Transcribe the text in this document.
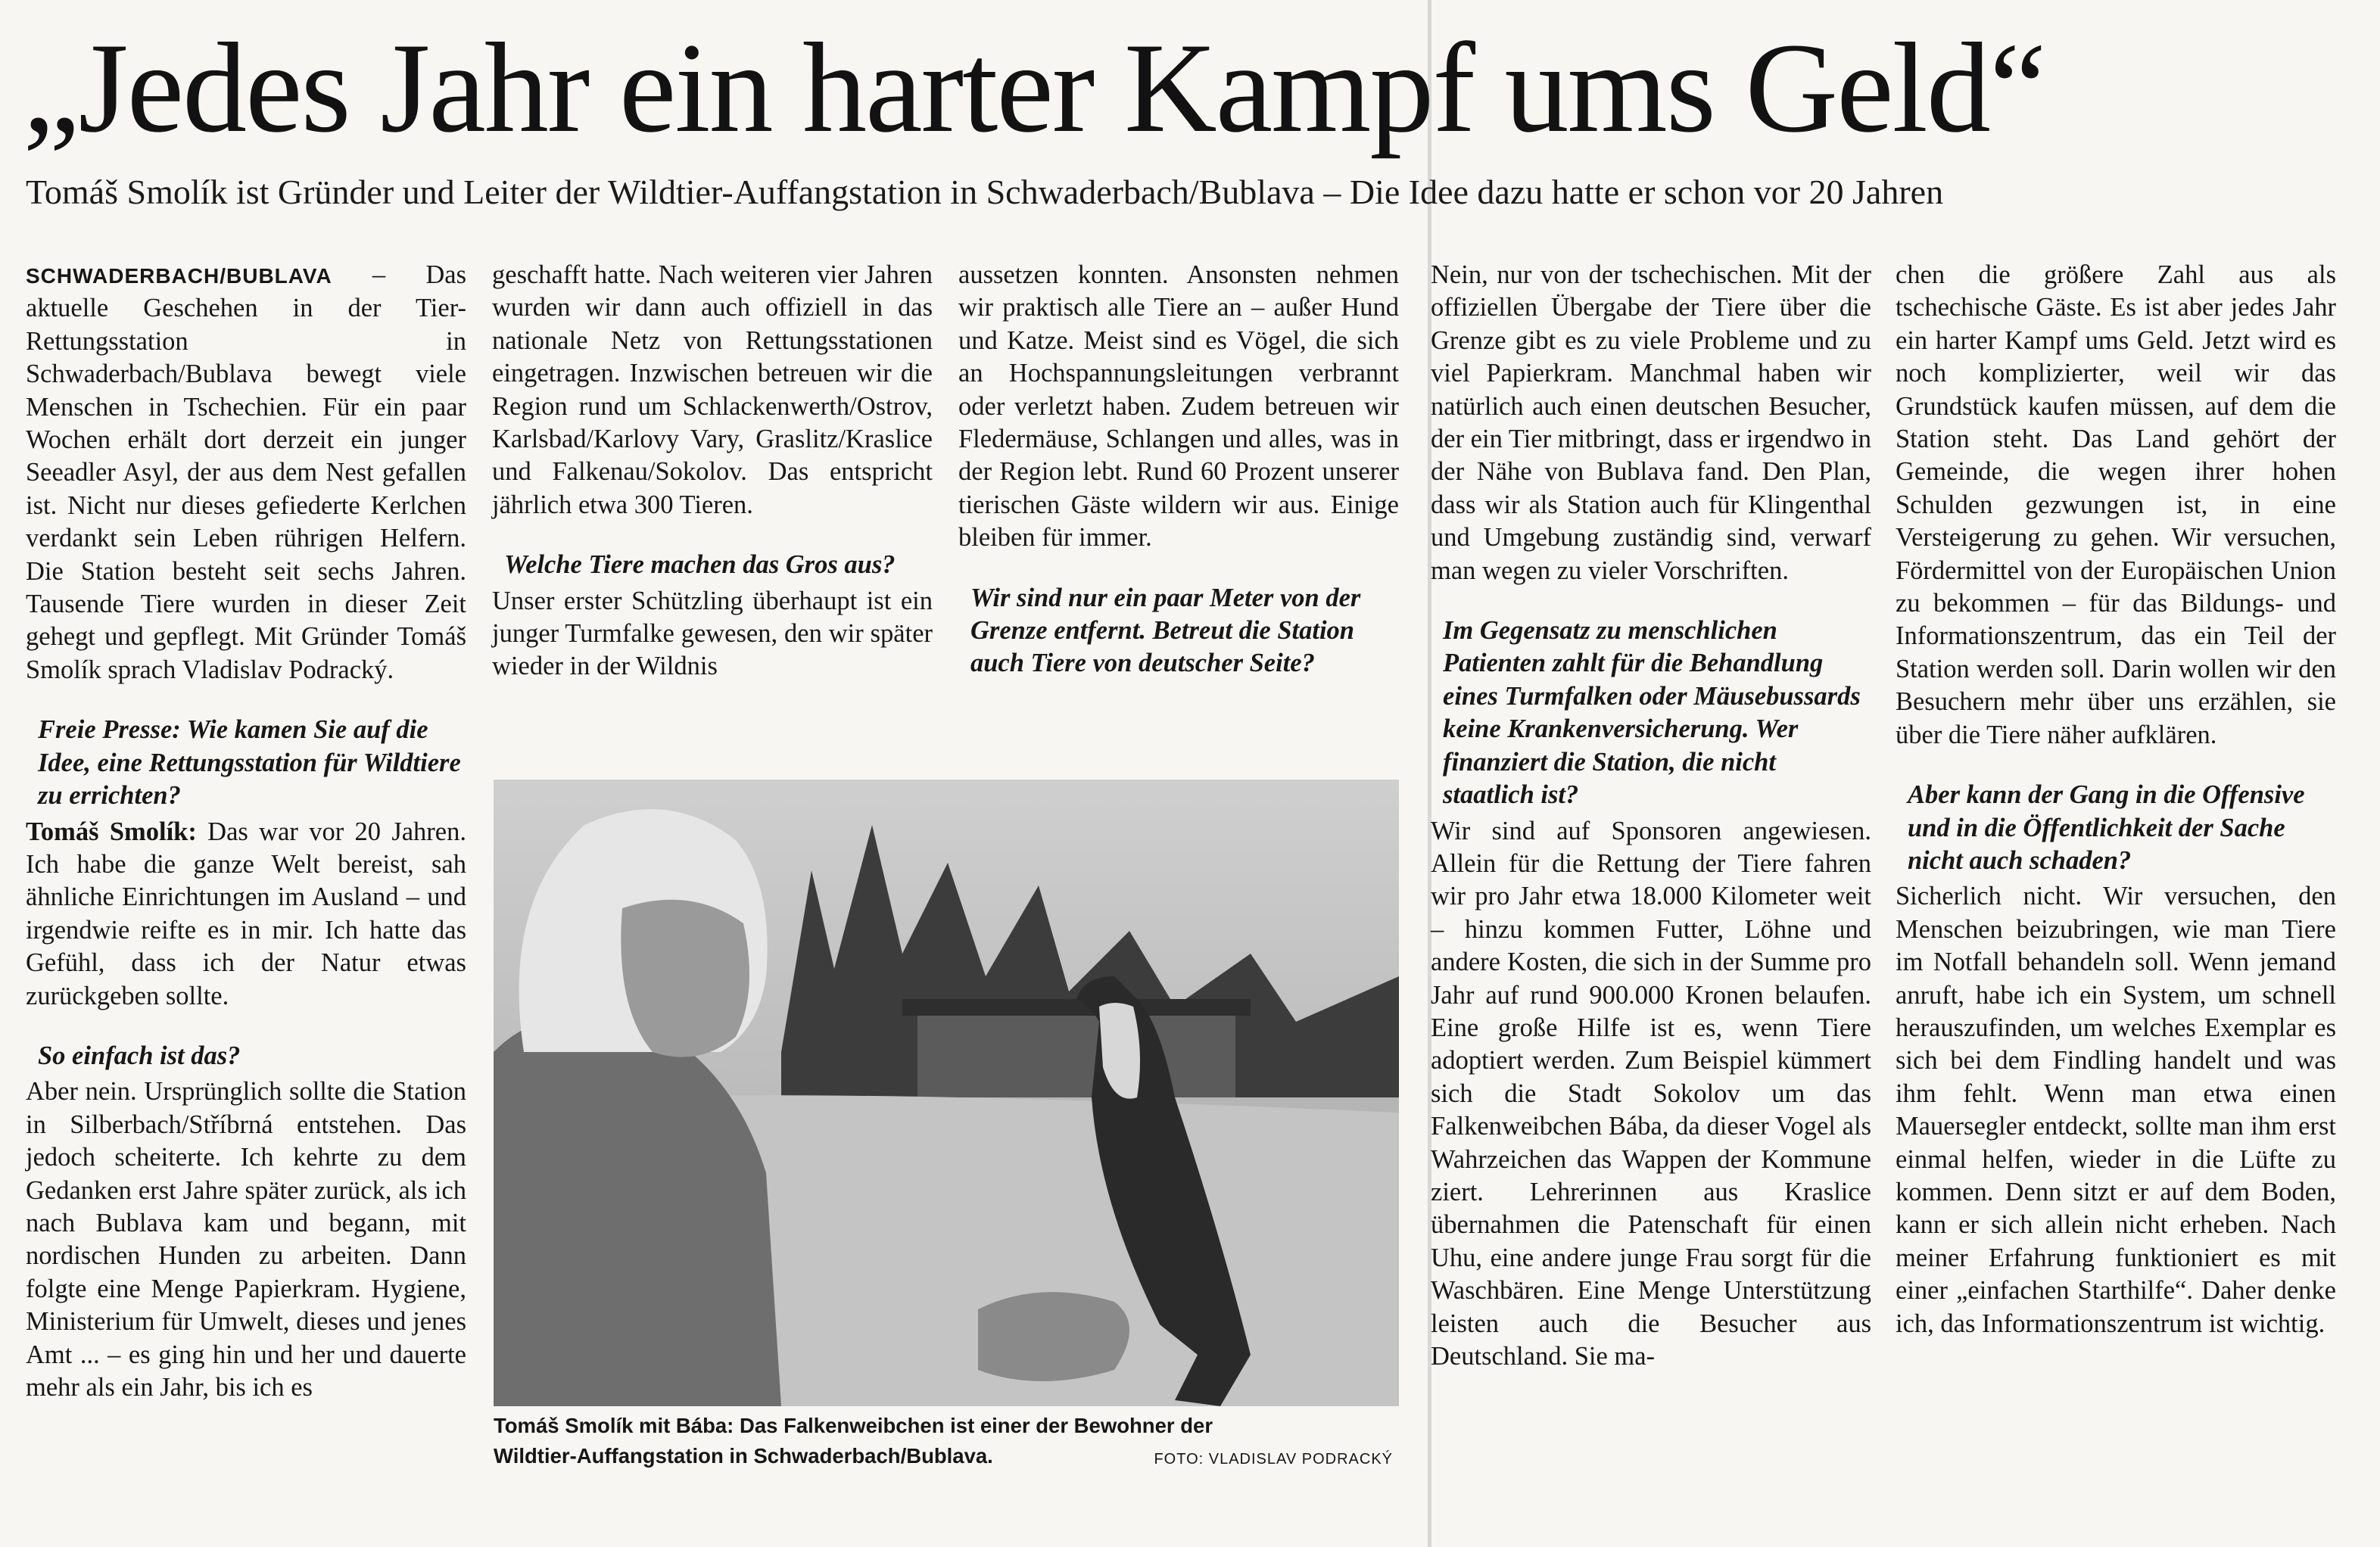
„Jedes Jahr ein harter Kampf ums Geld“

Tomáš Smolík ist Gründer und Leiter der Wildtier-Auffangstation in Schwaderbach/Bublava – Die Idee dazu hatte er schon vor 20 Jahren

SCHWADERBACH/BUBLAVA – Das aktuelle Geschehen in der Tier-Rettungsstation in Schwaderbach/Bublava bewegt viele Menschen in Tschechien. Für ein paar Wochen erhält dort derzeit ein junger Seeadler Asyl, der aus dem Nest gefallen ist. Nicht nur dieses gefiederte Kerlchen verdankt sein Leben rührigen Helfern. Die Station besteht seit sechs Jahren. Tausende Tiere wurden in dieser Zeit gehegt und gepflegt. Mit Gründer Tomáš Smolík sprach Vladislav Podracký.

Freie Presse: Wie kamen Sie auf die Idee, eine Rettungsstation für Wildtiere zu errichten?

Tomáš Smolík: Das war vor 20 Jahren. Ich habe die ganze Welt bereist, sah ähnliche Einrichtungen im Ausland – und irgendwie reifte es in mir. Ich hatte das Gefühl, dass ich der Natur etwas zurückgeben sollte.

So einfach ist das?

Aber nein. Ursprünglich sollte die Station in Silberbach/Stříbrná entstehen. Das jedoch scheiterte. Ich kehrte zu dem Gedanken erst Jahre später zurück, als ich nach Bublava kam und begann, mit nordischen Hunden zu arbeiten. Dann folgte eine Menge Papierkram. Hygiene, Ministerium für Umwelt, dieses und jenes Amt ... – es ging hin und her und dauerte mehr als ein Jahr, bis ich es

geschafft hatte. Nach weiteren vier Jahren wurden wir dann auch offiziell in das nationale Netz von Rettungsstationen eingetragen. Inzwischen betreuen wir die Region rund um Schlackenwerth/Ostrov, Karlsbad/Karlovy Vary, Graslitz/Kraslice und Falkenau/Sokolov. Das entspricht jährlich etwa 300 Tieren.

Welche Tiere machen das Gros aus?

Unser erster Schützling überhaupt ist ein junger Turmfalke gewesen, den wir später wieder in der Wildnis

aussetzen konnten. Ansonsten nehmen wir praktisch alle Tiere an – außer Hund und Katze. Meist sind es Vögel, die sich an Hochspannungsleitungen verbrannt oder verletzt haben. Zudem betreuen wir Fledermäuse, Schlangen und alles, was in der Region lebt. Rund 60 Prozent unserer tierischen Gäste wildern wir aus. Einige bleiben für immer.

Wir sind nur ein paar Meter von der Grenze entfernt. Betreut die Station auch Tiere von deutscher Seite?

Nein, nur von der tschechischen. Mit der offiziellen Übergabe der Tiere über die Grenze gibt es zu viele Probleme und zu viel Papierkram. Manchmal haben wir natürlich auch einen deutschen Besucher, der ein Tier mitbringt, dass er irgendwo in der Nähe von Bublava fand. Den Plan, dass wir als Station auch für Klingenthal und Umgebung zuständig sind, verwarf man wegen zu vieler Vorschriften.

Im Gegensatz zu menschlichen Patienten zahlt für die Behandlung eines Turmfalken oder Mäusebussards keine Krankenversicherung. Wer finanziert die Station, die nicht staatlich ist?

Wir sind auf Sponsoren angewiesen. Allein für die Rettung der Tiere fahren wir pro Jahr etwa 18.000 Kilometer weit – hinzu kommen Futter, Löhne und andere Kosten, die sich in der Summe pro Jahr auf rund 900.000 Kronen belaufen. Eine große Hilfe ist es, wenn Tiere adoptiert werden. Zum Beispiel kümmert sich die Stadt Sokolov um das Falkenweibchen Bába, da dieser Vogel als Wahrzeichen das Wappen der Kommune ziert. Lehrerinnen aus Kraslice übernahmen die Patenschaft für einen Uhu, eine andere junge Frau sorgt für die Waschbären. Eine Menge Unterstützung leisten auch die Besucher aus Deutschland. Sie ma-

chen die größere Zahl aus als tschechische Gäste. Es ist aber jedes Jahr ein harter Kampf ums Geld. Jetzt wird es noch komplizierter, weil wir das Grundstück kaufen müssen, auf dem die Station steht. Das Land gehört der Gemeinde, die wegen ihrer hohen Schulden gezwungen ist, in eine Versteigerung zu gehen. Wir versuchen, Fördermittel von der Europäischen Union zu bekommen – für das Bildungs- und Informationszentrum, das ein Teil der Station werden soll. Darin wollen wir den Besuchern mehr über uns erzählen, sie über die Tiere näher aufklären.

Aber kann der Gang in die Offensive und in die Öffentlichkeit der Sache nicht auch schaden?

Sicherlich nicht. Wir versuchen, den Menschen beizubringen, wie man Tiere im Notfall behandeln soll. Wenn jemand anruft, habe ich ein System, um schnell herauszufinden, um welches Exemplar es sich bei dem Findling handelt und was ihm fehlt. Wenn man etwa einen Mauersegler entdeckt, sollte man ihm erst einmal helfen, wieder in die Lüfte zu kommen. Denn sitzt er auf dem Boden, kann er sich allein nicht erheben. Nach meiner Erfahrung funktioniert es mit einer „einfachen Starthilfe“. Daher denke ich, das Informationszentrum ist wichtig.

Tomáš Smolík mit Bába: Das Falkenweibchen ist einer der Bewohner der

Wildtier-Auffangstation in Schwaderbach/Bublava.	FOTO: VLADISLAV PODRACKÝ
